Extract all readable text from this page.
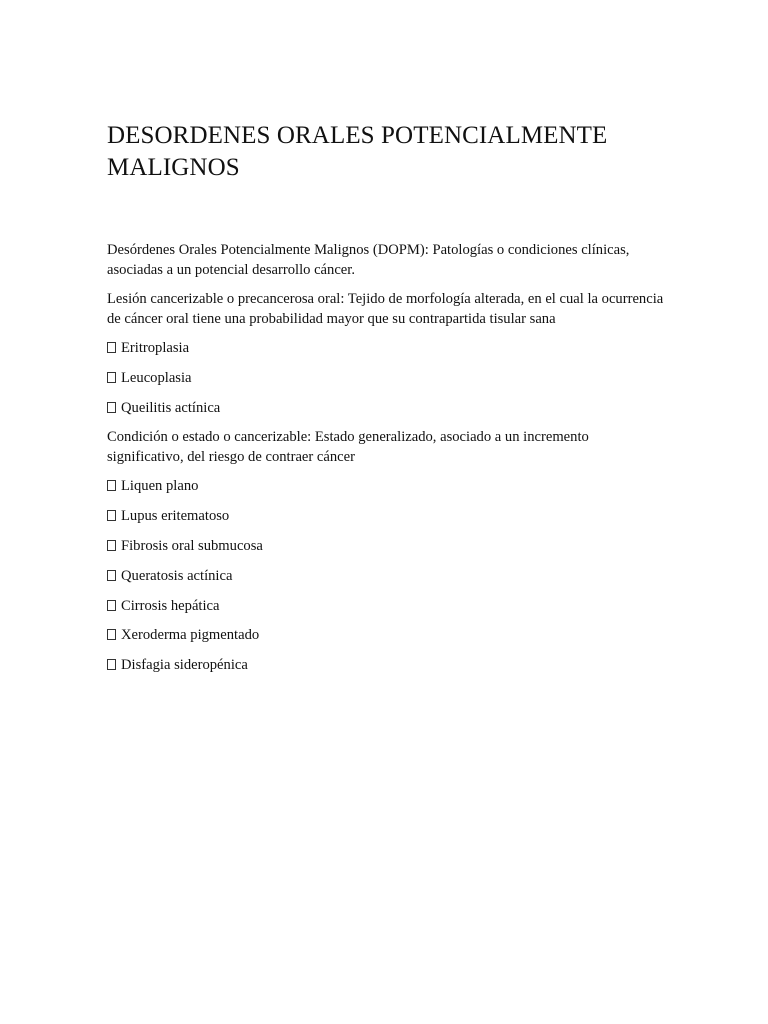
DESORDENES ORALES POTENCIALMENTE MALIGNOS

Desórdenes Orales Potencialmente Malignos (DOPM): Patologías o condiciones clínicas, asociadas a un potencial desarrollo cáncer.

Lesión cancerizable o precancerosa oral: Tejido de morfología alterada, en el cual la ocurrencia de cáncer oral tiene una probabilidad mayor que su contrapartida tisular sana

Eritroplasia
Leucoplasia
Queilitis actínica

Condición o estado o cancerizable: Estado generalizado, asociado a un incremento significativo, del riesgo de contraer cáncer

Liquen plano
Lupus eritematoso
Fibrosis oral submucosa
Queratosis actínica
Cirrosis hepática
Xeroderma pigmentado
Disfagia sideropénica
